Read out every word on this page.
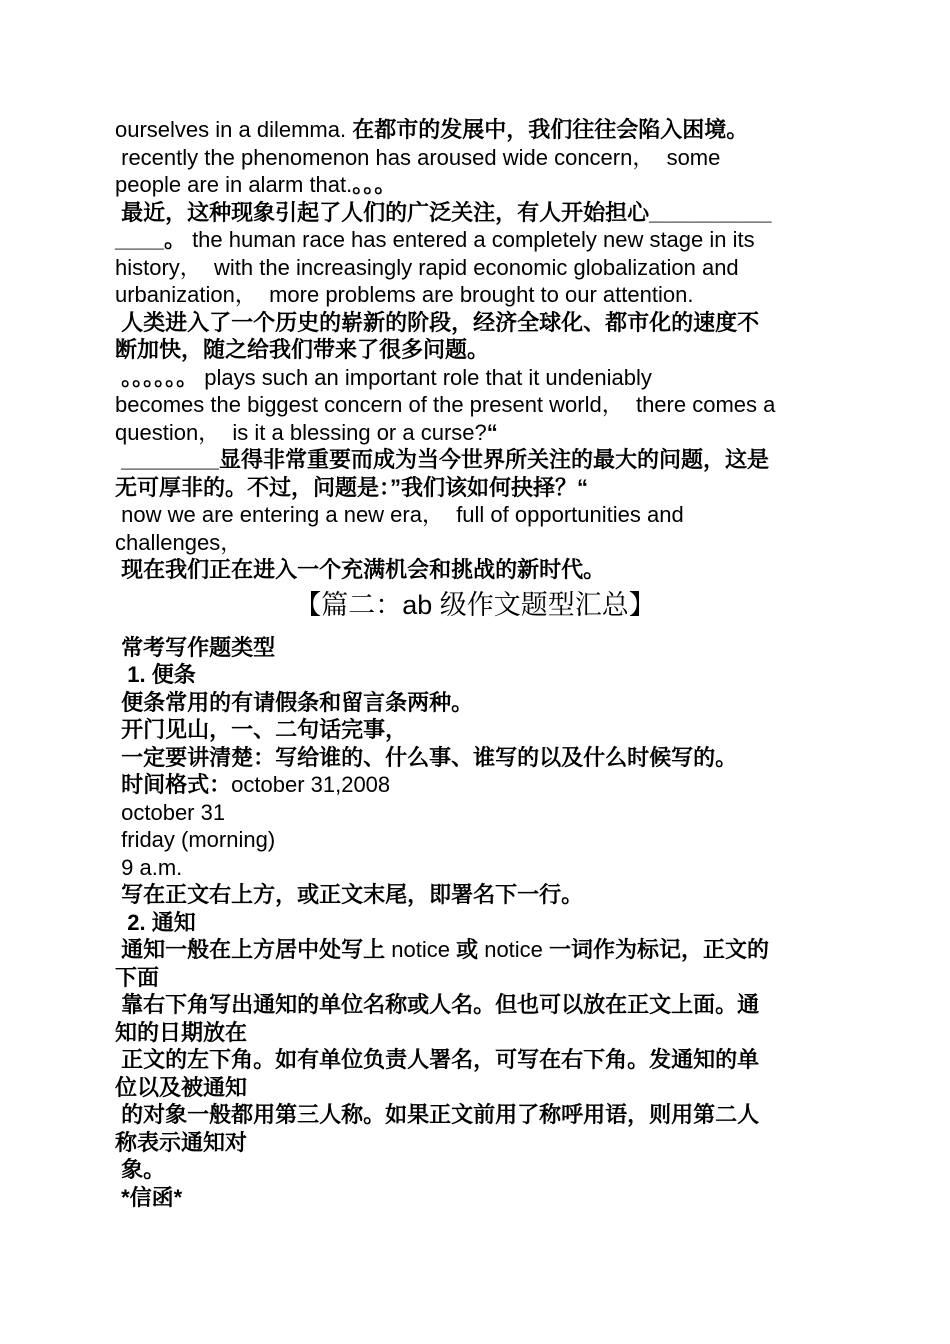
ourselves in a dilemma. 在都市的发展中，我们往往会陷入困境。

recently the phenomenon has aroused wide concern，  some

people are in alarm that.。。。

最近，这种现象引起了人们的广泛关注，有人开始担心__________

____。 the human race has entered a completely new stage in its

history，  with the increasingly rapid economic globalization and

urbanization，  more problems are brought to our attention.

人类进入了一个历史的崭新的阶段，经济全球化、都市化的速度不

断加快，随之给我们带来了很多问题。

。。。。。。 plays such an important role that it undeniably

becomes the biggest concern of the present world，  there comes a

question，  is it a blessing or a curse?“

________显得非常重要而成为当今世界所关注的最大的问题，这是

无可厚非的。不过，问题是：”我们该如何抉择？“

now we are entering a new era，  full of opportunities and

challenges，

现在我们正在进入一个充满机会和挑战的新时代。

【篇二：ab 级作文题型汇总】

常考写作题类型

1. 便条

便条常用的有请假条和留言条两种。

开门见山，一、二句话完事，

一定要讲清楚：写给谁的、什么事、谁写的以及什么时候写的。

时间格式：october 31,2008

october 31

friday (morning)

9 a.m.

写在正文右上方，或正文末尾，即署名下一行。

2. 通知

通知一般在上方居中处写上 notice 或 notice 一词作为标记，正文的

下面

靠右下角写出通知的单位名称或人名。但也可以放在正文上面。通

知的日期放在

正文的左下角。如有单位负责人署名，可写在右下角。发通知的单

位以及被通知

的对象一般都用第三人称。如果正文前用了称呼用语，则用第二人

称表示通知对

象。

*信函*
